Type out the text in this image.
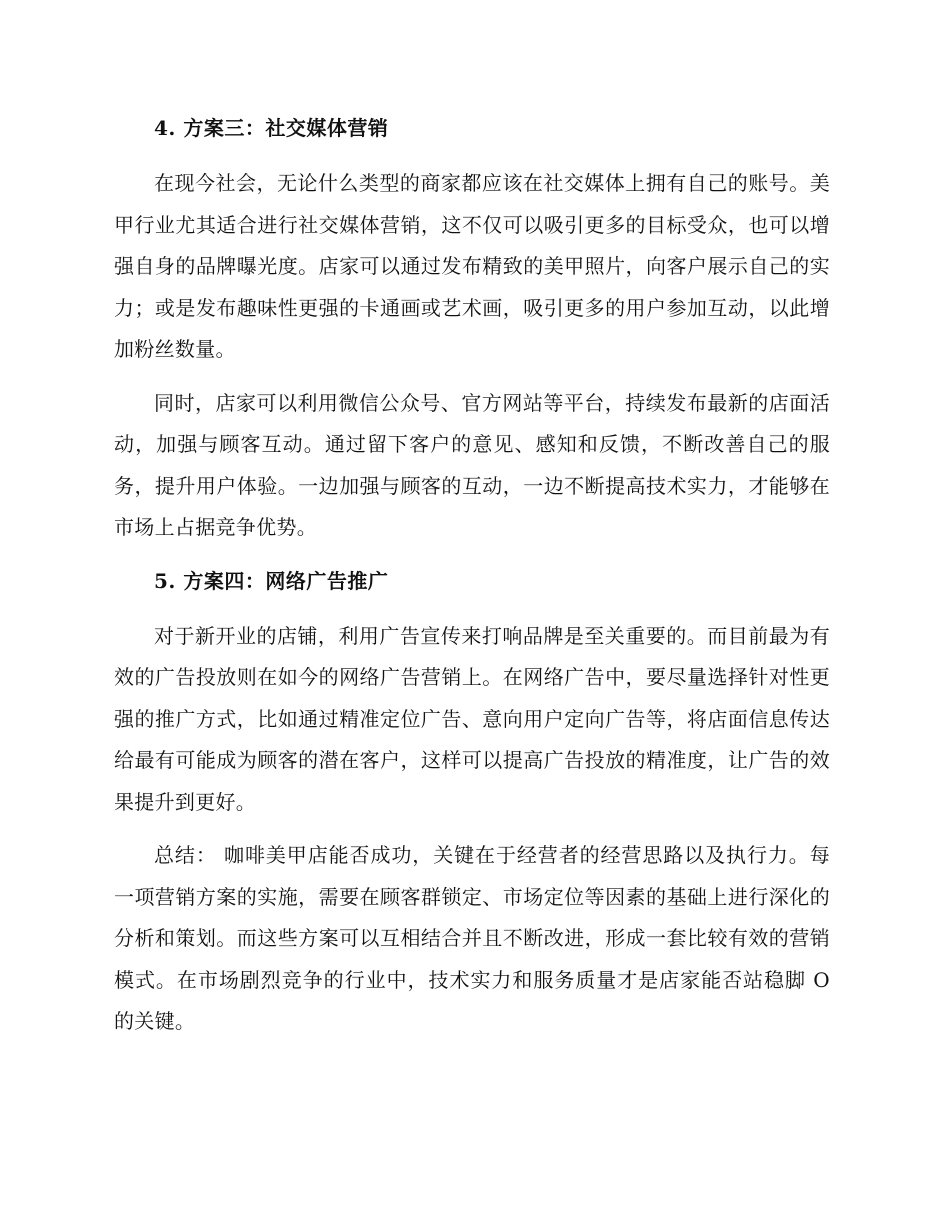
4. 方案三：社交媒体营销

在现今社会，无论什么类型的商家都应该在社交媒体上拥有自己的账号。美甲行业尤其适合进行社交媒体营销，这不仅可以吸引更多的目标受众，也可以增强自身的品牌曝光度。店家可以通过发布精致的美甲照片，向客户展示自己的实力；或是发布趣味性更强的卡通画或艺术画，吸引更多的用户参加互动，以此增加粉丝数量。

同时，店家可以利用微信公众号、官方网站等平台，持续发布最新的店面活动，加强与顾客互动。通过留下客户的意见、感知和反馈，不断改善自己的服务，提升用户体验。一边加强与顾客的互动，一边不断提高技术实力，才能够在市场上占据竞争优势。

5. 方案四：网络广告推广

对于新开业的店铺，利用广告宣传来打响品牌是至关重要的。而目前最为有效的广告投放则在如今的网络广告营销上。在网络广告中，要尽量选择针对性更强的推广方式，比如通过精准定位广告、意向用户定向广告等，将店面信息传达给最有可能成为顾客的潜在客户，这样可以提高广告投放的精准度，让广告的效果提升到更好。

总结： 咖啡美甲店能否成功，关键在于经营者的经营思路以及执行力。每一项营销方案的实施，需要在顾客群锁定、市场定位等因素的基础上进行深化的分析和策划。而这些方案可以互相结合并且不断改进，形成一套比较有效的营销模式。在市场剧烈竞争的行业中，技术实力和服务质量才是店家能否站稳脚 O 的关键。
